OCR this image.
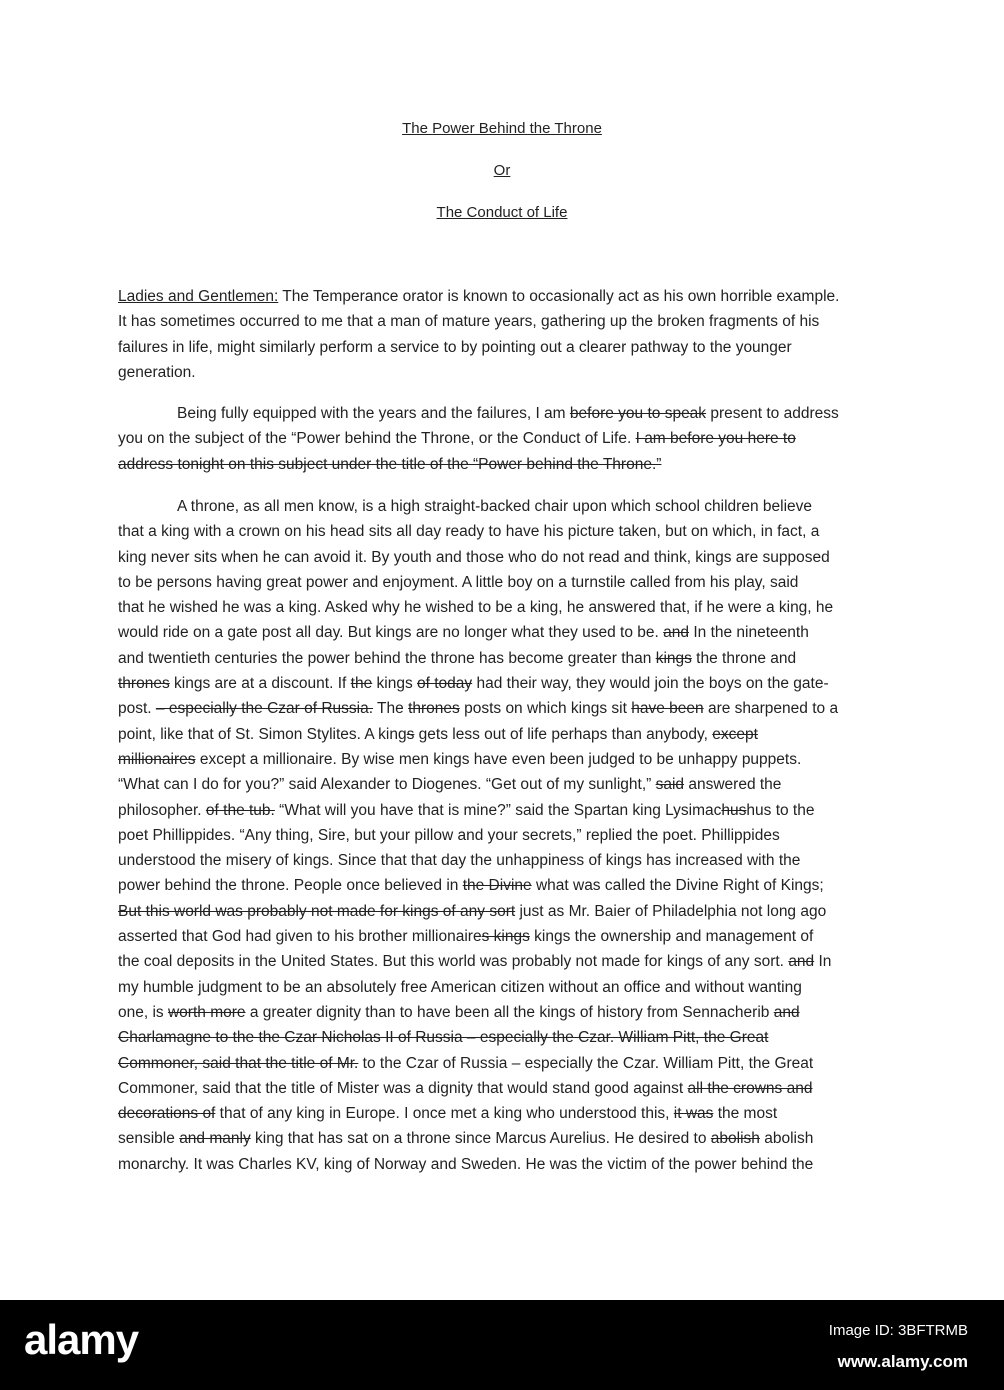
The Power Behind the Throne
Or
The Conduct of Life
Ladies and Gentlemen: The Temperance orator is known to occasionally act as his own horrible example.
It has sometimes occurred to me that a man of mature years, gathering up the broken fragments of his
failures in life, might similarly perform a service to by pointing out a clearer pathway to the younger
generation.
Being fully equipped with the years and the failures, I am before you to speak present to address
you on the subject of the “Power behind the Throne, or the Conduct of Life. I am before you here to
address tonight on this subject under the title of the “Power behind the Throne.”
A throne, as all men know, is a high straight-backed chair upon which school children believe
that a king with a crown on his head sits all day ready to have his picture taken, but on which, in fact, a
king never sits when he can avoid it. By youth and those who do not read and think, kings are supposed
to be persons having great power and enjoyment. A little boy on a turnstile called from his play, said
that he wished he was a king. Asked why he wished to be a king, he answered that, if he were a king, he
would ride on a gate post all day. But kings are no longer what they used to be. and In the nineteenth
and twentieth centuries the power behind the throne has become greater than kings the throne and
thrones kings are at a discount. If the kings of today had their way, they would join the boys on the gate-
post. – especially the Czar of Russia. The thrones posts on which kings sit have been are sharpened to a
point, like that of St. Simon Stylites. A kings gets less out of life perhaps than anybody, except
millionaires except a millionaire. By wise men kings have even been judged to be unhappy puppets.
“What can I do for you?” said Alexander to Diogenes. “Get out of my sunlight,” said answered the
philosopher. of the tub. “What will you have that is mine?” said the Spartan king Lysimachushus to the
poet Phillippides. “Any thing, Sire, but your pillow and your secrets,” replied the poet. Phillippides
understood the misery of kings. Since that that day the unhappiness of kings has increased with the
power behind the throne. People once believed in the Divine what was called the Divine Right of Kings;
But this world was probably not made for kings of any sort just as Mr. Baier of Philadelphia not long ago
asserted that God had given to his brother millionaires kings kings the ownership and management of
the coal deposits in the United States. But this world was probably not made for kings of any sort. and In
my humble judgment to be an absolutely free American citizen without an office and without wanting
one, is worth more a greater dignity than to have been all the kings of history from Sennacherib and
Charlamagne to the the Czar Nicholas II of Russia – especially the Czar. William Pitt, the Great
Commoner, said that the title of Mr. to the Czar of Russia – especially the Czar. William Pitt, the Great
Commoner, said that the title of Mister was a dignity that would stand good against all the crowns and
decorations of that of any king in Europe. I once met a king who understood this, it was the most
sensible and manly king that has sat on a throne since Marcus Aurelius. He desired to abolish abolish
monarchy. It was Charles KV, king of Norway and Sweden. He was the victim of the power behind the
alamy	Image ID: 3BFTRMB
www.alamy.com
